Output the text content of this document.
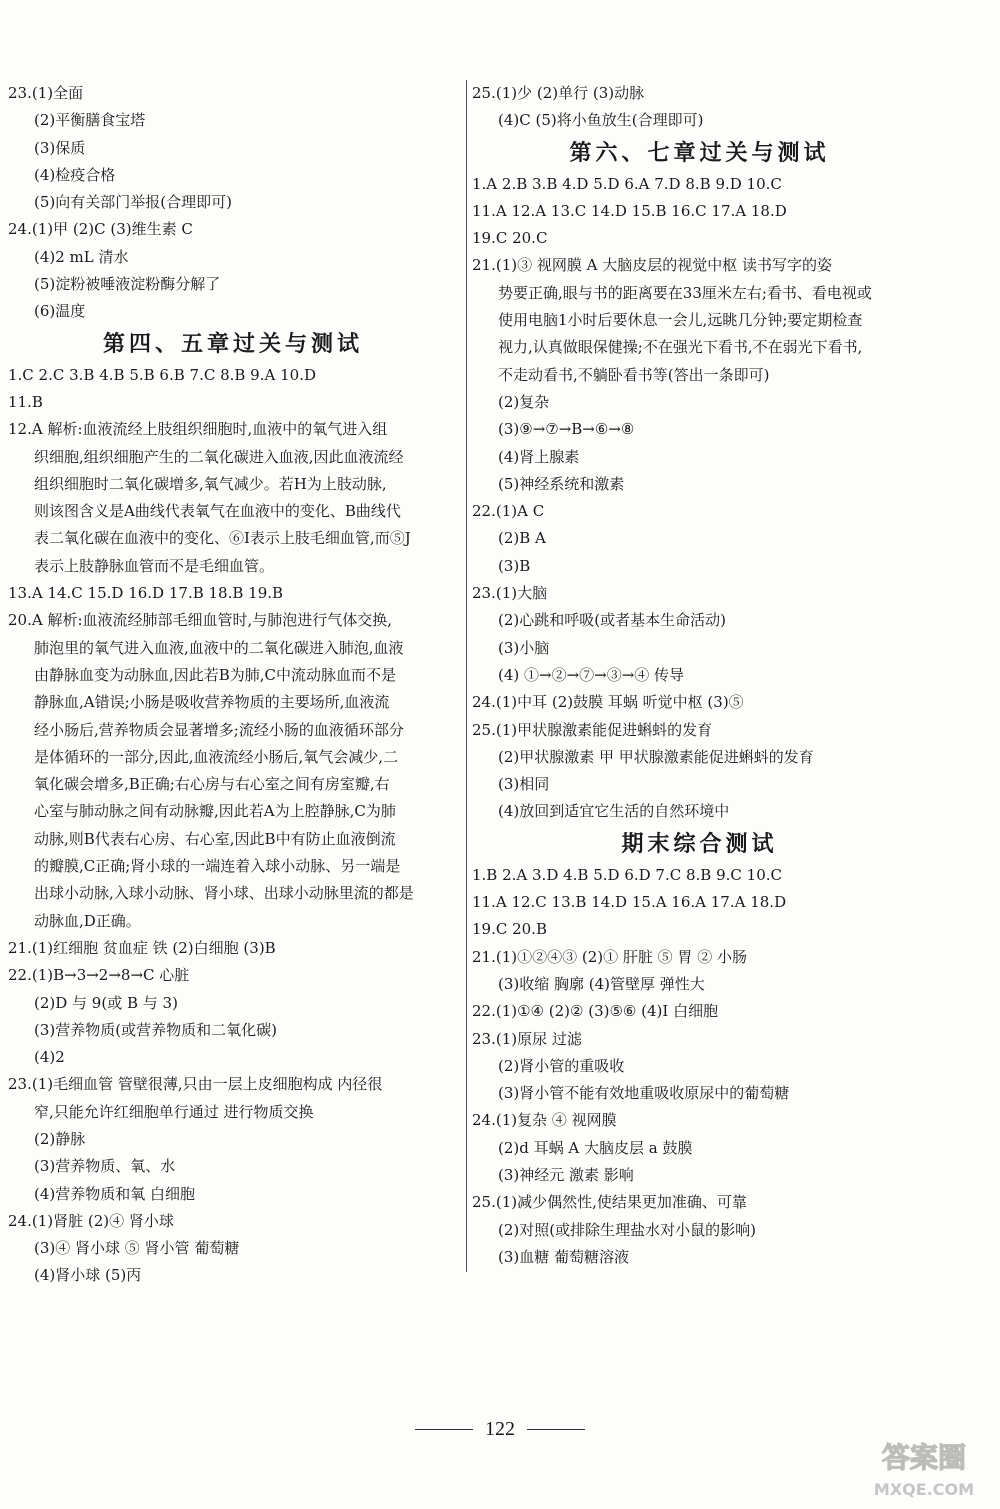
23.(1)全面
(2)平衡膳食宝塔
(3)保质
(4)检疫合格
(5)向有关部门举报(合理即可)
24.(1)甲 (2)C (3)维生素 C
(4)2 mL 清水
(5)淀粉被唾液淀粉酶分解了
(6)温度
第四、五章过关与测试
1.C 2.C 3.B 4.B 5.B 6.B 7.C 8.B 9.A 10.D
11.B
12.A 解析:血液流经上肢组织细胞时,血液中的氧气进入组
织细胞,组织细胞产生的二氧化碳进入血液,因此血液流经
组织细胞时二氧化碳增多,氧气减少。若H为上肢动脉,
则该图含义是A曲线代表氧气在血液中的变化、B曲线代
表二氧化碳在血液中的变化、⑥I表示上肢毛细血管,而⑤J
表示上肢静脉血管而不是毛细血管。
13.A 14.C 15.D 16.D 17.B 18.B 19.B
20.A 解析:血液流经肺部毛细血管时,与肺泡进行气体交换,
肺泡里的氧气进入血液,血液中的二氧化碳进入肺泡,血液
由静脉血变为动脉血,因此若B为肺,C中流动脉血而不是
静脉血,A错误;小肠是吸收营养物质的主要场所,血液流
经小肠后,营养物质会显著增多;流经小肠的血液循环部分
是体循环的一部分,因此,血液流经小肠后,氧气会减少,二
氧化碳会增多,B正确;右心房与右心室之间有房室瓣,右
心室与肺动脉之间有动脉瓣,因此若A为上腔静脉,C为肺
动脉,则B代表右心房、右心室,因此B中有防止血液倒流
的瓣膜,C正确;肾小球的一端连着入球小动脉、另一端是
出球小动脉,入球小动脉、肾小球、出球小动脉里流的都是
动脉血,D正确。
21.(1)红细胞 贫血症 铁 (2)白细胞 (3)B
22.(1)B→3→2→8→C 心脏
(2)D 与 9(或 B 与 3)
(3)营养物质(或营养物质和二氧化碳)
(4)2
23.(1)毛细血管 管壁很薄,只由一层上皮细胞构成 内径很
窄,只能允许红细胞单行通过 进行物质交换
(2)静脉
(3)营养物质、氧、水
(4)营养物质和氧 白细胞
24.(1)肾脏 (2)④ 肾小球
(3)④ 肾小球 ⑤ 肾小管 葡萄糖
(4)肾小球 (5)丙
25.(1)少 (2)单行 (3)动脉
(4)C (5)将小鱼放生(合理即可)
第六、七章过关与测试
1.A 2.B 3.B 4.D 5.D 6.A 7.D 8.B 9.D 10.C
11.A 12.A 13.C 14.D 15.B 16.C 17.A 18.D
19.C 20.C
21.(1)③ 视网膜 A 大脑皮层的视觉中枢 读书写字的姿
势要正确,眼与书的距离要在33厘米左右;看书、看电视或
使用电脑1小时后要休息一会儿,远眺几分钟;要定期检查
视力,认真做眼保健操;不在强光下看书,不在弱光下看书,
不走动看书,不躺卧看书等(答出一条即可)
(2)复杂
(3)⑨→⑦→B→⑥→⑧
(4)肾上腺素
(5)神经系统和激素
22.(1)A C
(2)B A
(3)B
23.(1)大脑
(2)心跳和呼吸(或者基本生命活动)
(3)小脑
(4) ①→②→⑦→③→④ 传导
24.(1)中耳 (2)鼓膜 耳蜗 听觉中枢 (3)⑤
25.(1)甲状腺激素能促进蝌蚪的发育
(2)甲状腺激素 甲 甲状腺激素能促进蝌蚪的发育
(3)相同
(4)放回到适宜它生活的自然环境中
期末综合测试
1.B 2.A 3.D 4.B 5.D 6.D 7.C 8.B 9.C 10.C
11.A 12.C 13.B 14.D 15.A 16.A 17.A 18.D
19.C 20.B
21.(1)①②④③ (2)① 肝脏 ⑤ 胃 ② 小肠
(3)收缩 胸廓 (4)管壁厚 弹性大
22.(1)①④ (2)② (3)⑤⑥ (4)Ⅰ 白细胞
23.(1)原尿 过滤
(2)肾小管的重吸收
(3)肾小管不能有效地重吸收原尿中的葡萄糖
24.(1)复杂 ④ 视网膜
(2)d 耳蜗 A 大脑皮层 a 鼓膜
(3)神经元 激素 影响
25.(1)减少偶然性,使结果更加准确、可靠
(2)对照(或排除生理盐水对小鼠的影响)
(3)血糖 葡萄糖溶液
122
答案圈
MXQE.COM
